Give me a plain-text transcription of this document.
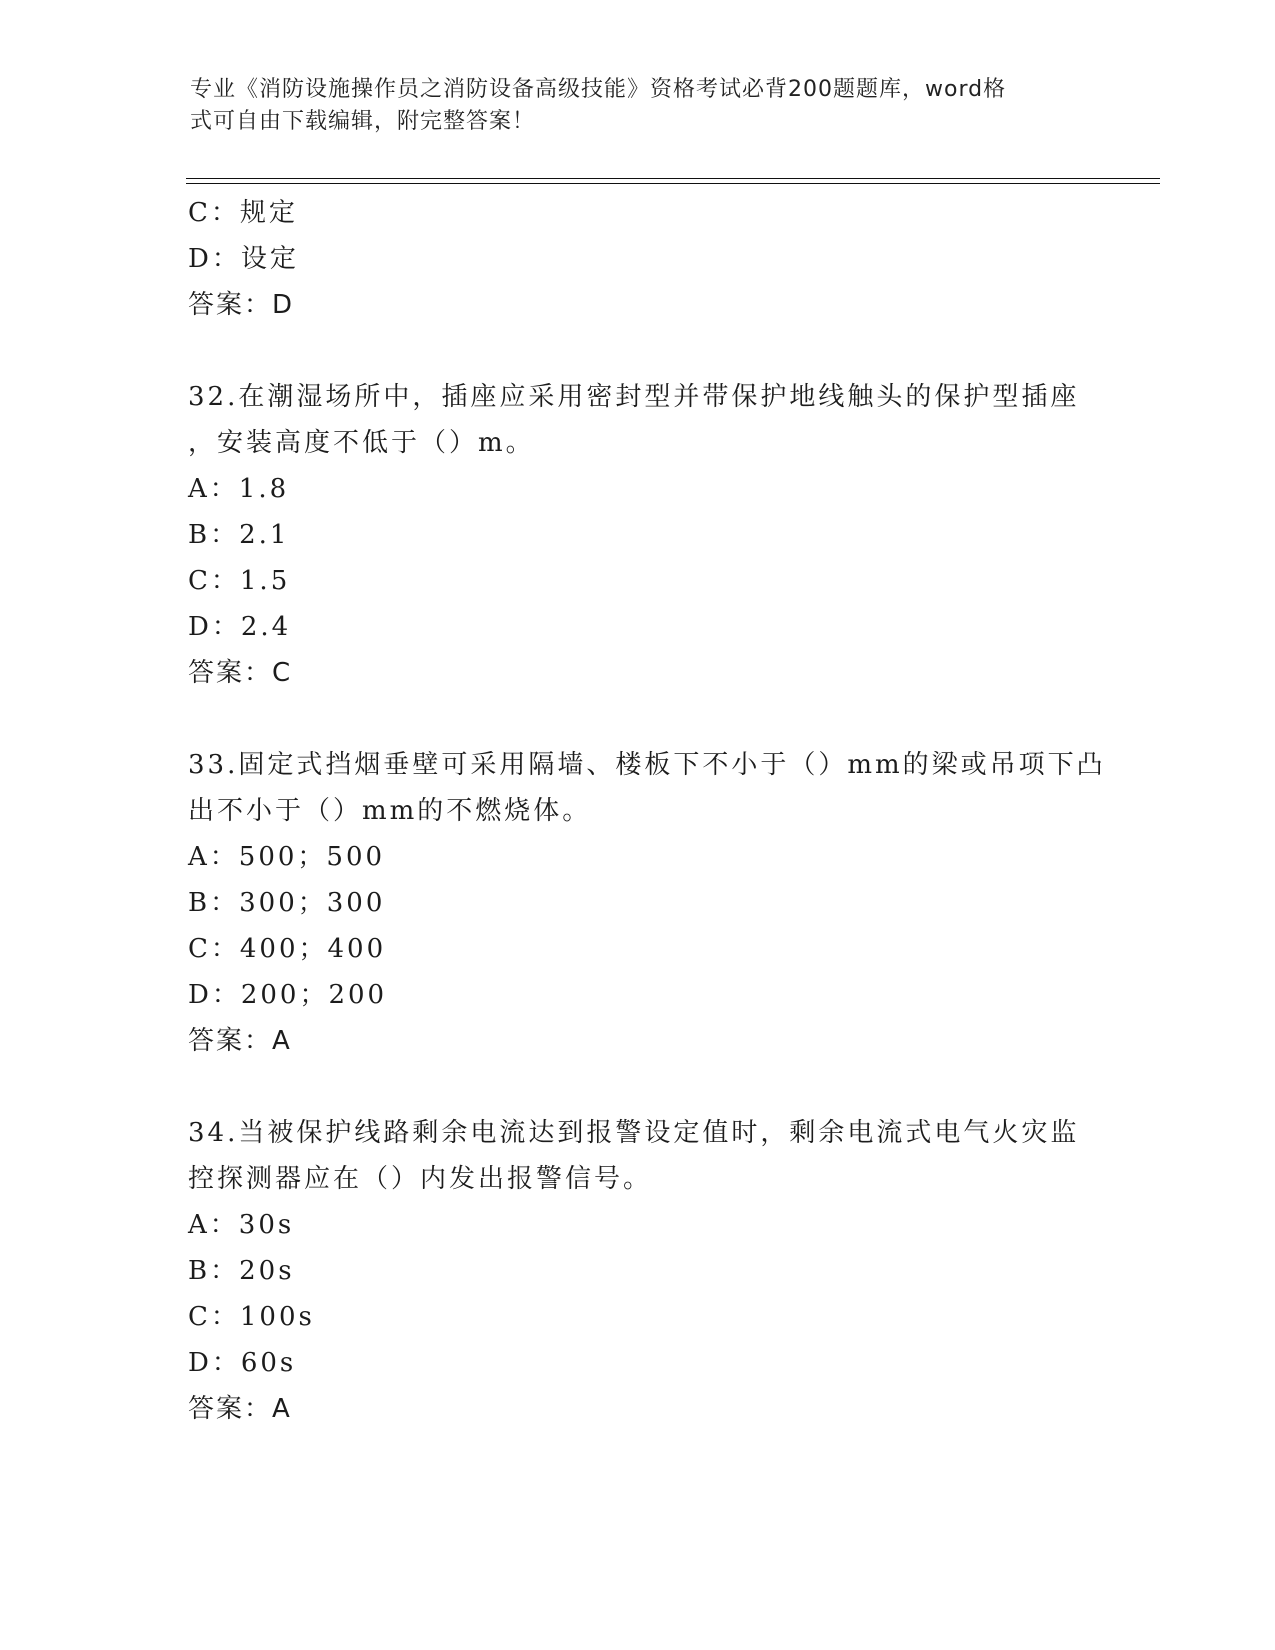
专业《消防设施操作员之消防设备高级技能》资格考试必背200题题库，word格
式可自由下载编辑，附完整答案！
C：规定
D：设定
答案：D
32.在潮湿场所中，插座应采用密封型并带保护地线触头的保护型插座
，安装高度不低于（）m。
A：1.8
B：2.1
C：1.5
D：2.4
答案：C
33.固定式挡烟垂壁可采用隔墙、楼板下不小于（）mm的梁或吊项下凸
出不小于（）mm的不燃烧体。
A：500；500
B：300；300
C：400；400
D：200；200
答案：A
34.当被保护线路剩余电流达到报警设定值时，剩余电流式电气火灾监
控探测器应在（）内发出报警信号。
A：30s
B：20s
C：100s
D：60s
答案：A
